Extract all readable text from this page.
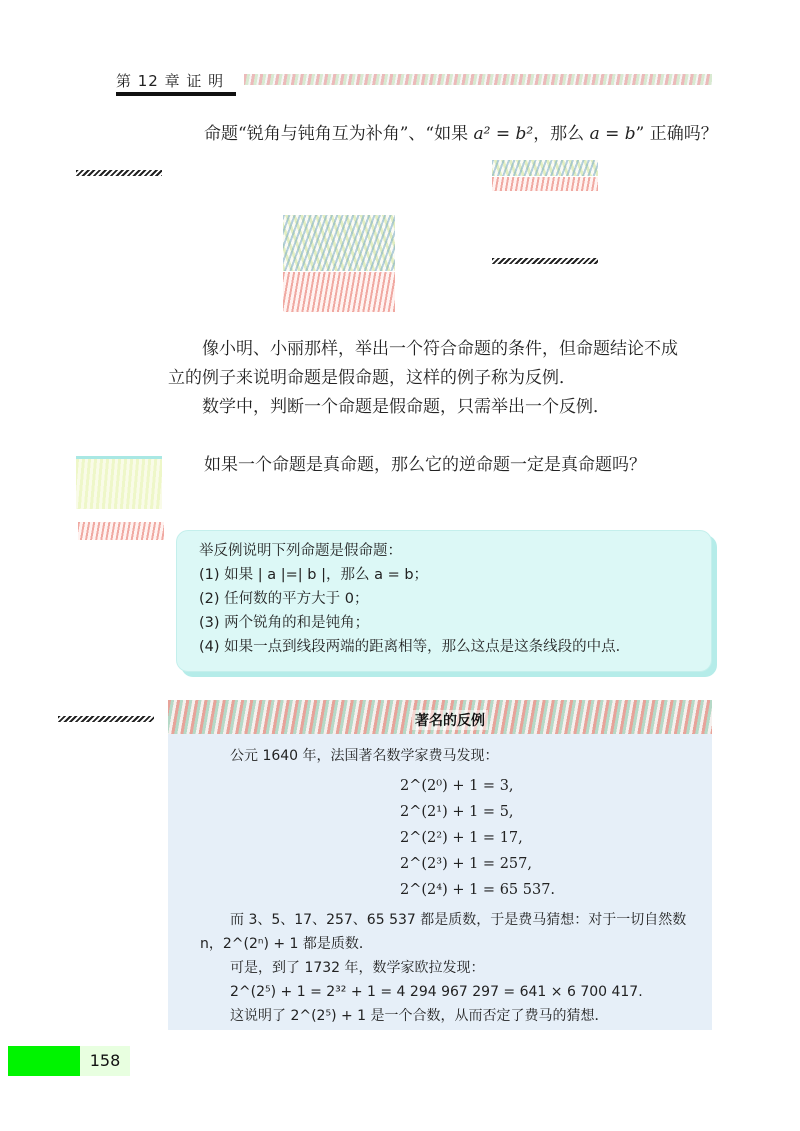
第 12 章 证 明
命题“锐角与钝角互为补角”、“如果 a² = b²，那么 a = b” 正确吗？
像小明、小丽那样，举出一个符合命题的条件，但命题结论不成
立的例子来说明命题是假命题，这样的例子称为反例．
数学中，判断一个命题是假命题，只需举出一个反例．
如果一个命题是真命题，那么它的逆命题一定是真命题吗？
举反例说明下列命题是假命题：
(1) 如果 | a |=| b |，那么 a = b；
(2) 任何数的平方大于 0；
(3) 两个锐角的和是钝角；
(4) 如果一点到线段两端的距离相等，那么这点是这条线段的中点．
著名的反例
公元 1640 年，法国著名数学家费马发现：
2^(2⁰) + 1 = 3,
2^(2¹) + 1 = 5,
2^(2²) + 1 = 17,
2^(2³) + 1 = 257,
2^(2⁴) + 1 = 65 537.
而 3、5、17、257、65 537 都是质数，于是费马猜想：对于一切自然数
n，2^(2ⁿ) + 1 都是质数．
可是，到了 1732 年，数学家欧拉发现：
2^(2⁵) + 1 = 2³² + 1 = 4 294 967 297 = 641 × 6 700 417.
这说明了 2^(2⁵) + 1 是一个合数，从而否定了费马的猜想．
158
